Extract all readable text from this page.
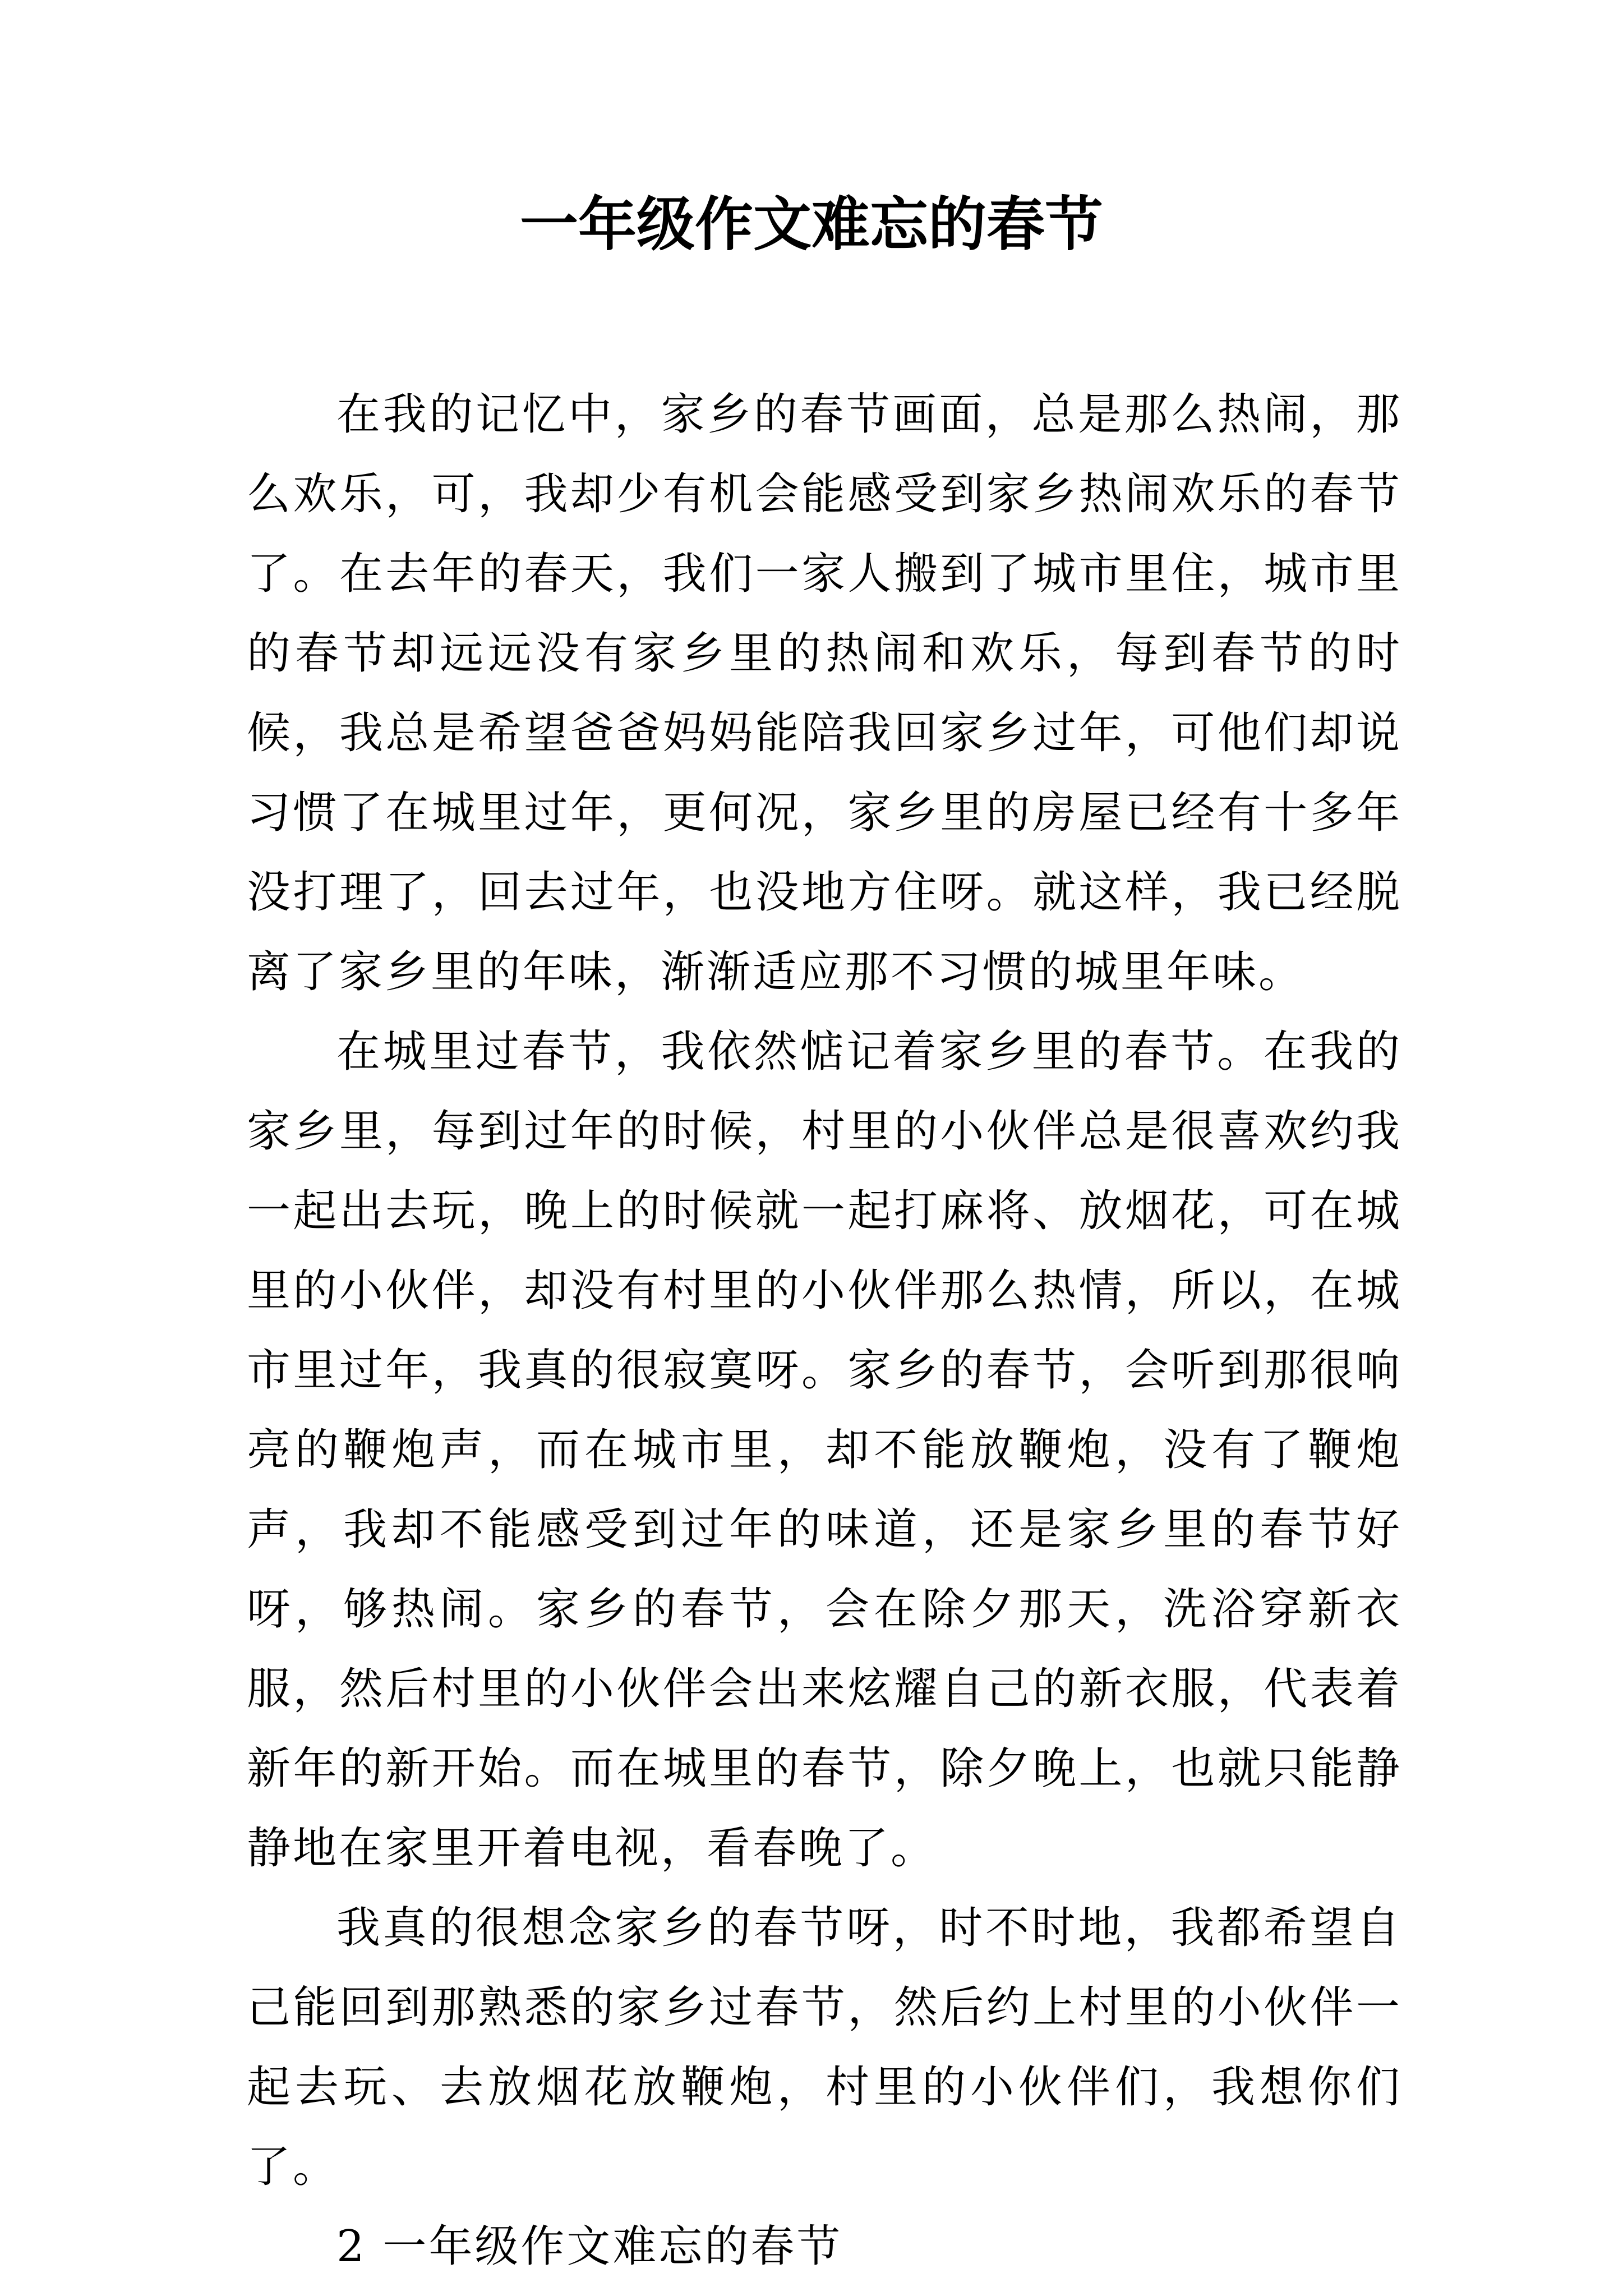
一年级作文难忘的春节

在我的记忆中，家乡的春节画面，总是那么热闹，那么欢乐，可，我却少有机会能感受到家乡热闹欢乐的春节了。在去年的春天，我们一家人搬到了城市里住，城市里的春节却远远没有家乡里的热闹和欢乐，每到春节的时候，我总是希望爸爸妈妈能陪我回家乡过年，可他们却说习惯了在城里过年，更何况，家乡里的房屋已经有十多年没打理了，回去过年，也没地方住呀。就这样，我已经脱离了家乡里的年味，渐渐适应那不习惯的城里年味。

在城里过春节，我依然惦记着家乡里的春节。在我的家乡里，每到过年的时候，村里的小伙伴总是很喜欢约我一起出去玩，晚上的时候就一起打麻将、放烟花，可在城里的小伙伴，却没有村里的小伙伴那么热情，所以，在城市里过年，我真的很寂寞呀。家乡的春节，会听到那很响亮的鞭炮声，而在城市里，却不能放鞭炮，没有了鞭炮声，我却不能感受到过年的味道，还是家乡里的春节好呀，够热闹。家乡的春节，会在除夕那天，洗浴穿新衣服，然后村里的小伙伴会出来炫耀自己的新衣服，代表着新年的新开始。而在城里的春节，除夕晚上，也就只能静静地在家里开着电视，看春晚了。

我真的很想念家乡的春节呀，时不时地，我都希望自己能回到那熟悉的家乡过春节，然后约上村里的小伙伴一起去玩、去放烟花放鞭炮，村里的小伙伴们，我想你们了。

2 一年级作文难忘的春节
